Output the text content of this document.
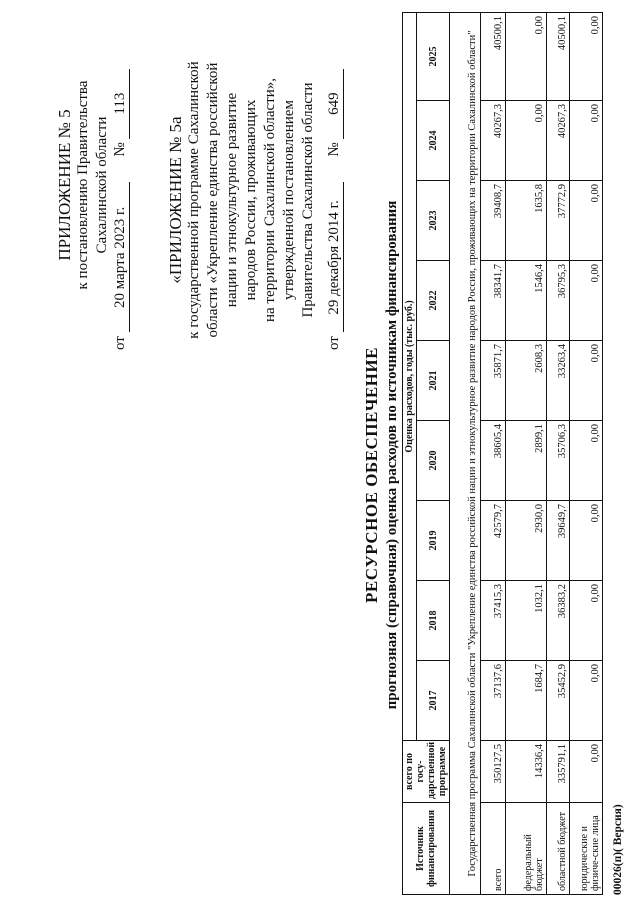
ПРИЛОЖЕНИЕ № 5 к постановлению Правительства Сахалинской области
от 20 марта 2023 г. № 113
«ПРИЛОЖЕНИЕ № 5а к государственной программе Сахалинской области «Укрепление единства российской нации и этнокультурное развитие народов России, проживающих на территории Сахалинской области», утвержденной постановлением Правительства Сахалинской области
от 29 декабря 2014 г. № 649
РЕСУРСНОЕ ОБЕСПЕЧЕНИЕ прогнозная (справочная) оценка расходов по источникам финансирования
Источник финансирования	всего по госу-дарственной программе	Оценка расходов, годы (тыс. руб.)								
		2017	2018	2019	2020	2021	2022	2023	2024	2025
Государственная программа Сахалинской области "Укрепление единства российской нации и этнокультурное развитие народов России, проживающих на территории Сахалинской области"										
всего	350127,5	37137,6	37415,3	42579,7	38605,4	35871,7	38341,7	39408,7	40267,3	40500,1
федеральный бюджет	14336,4	1684,7	1032,1	2930,0	2899,1	2608,3	1546,4	1635,8	0,00	0,00
областной бюджет	335791,1	35452,9	36383,2	39649,7	35706,3	33263,4	36795,3	37772,9	40267,3	40500,1
юридические и физиче-ские лица	0,00	0,00	0,00	0,00	0,00	0,00	0,00	0,00	0,00	0,00
00026(п)( Версия)
